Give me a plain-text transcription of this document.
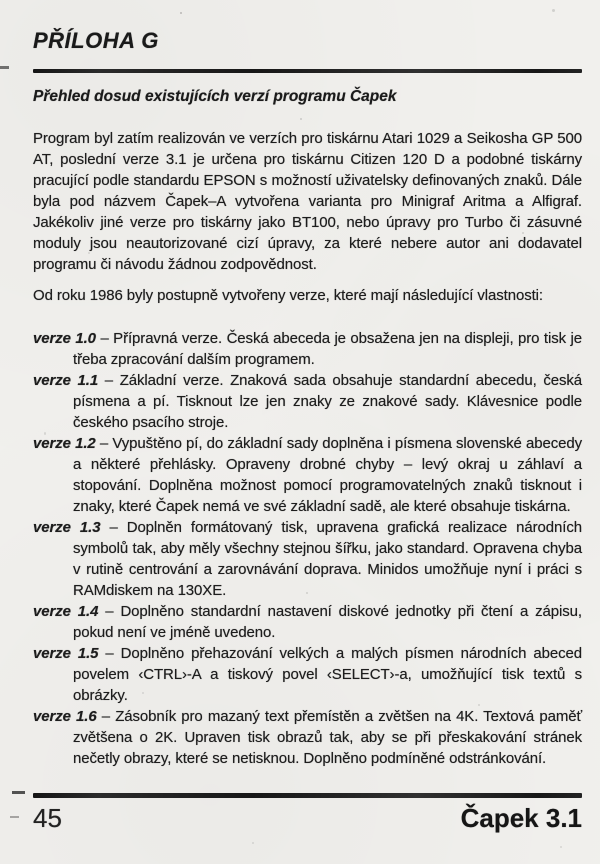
PŘÍLOHA G
Přehled dosud existujících verzí programu Čapek

Program byl zatím realizován ve verzích pro tiskárnu Atari 1029 a Seikosha GP 500 AT, poslední verze 3.1 je určena pro tiskárnu Citizen 120 D a podobné tiskárny pracující podle standardu EPSON s možností uživatelsky definovaných znaků. Dále byla pod názvem Čapek–A vytvořena varianta pro Minigraf Aritma a Alfigraf. Jakékoliv jiné verze pro tiskárny jako BT100, nebo úpravy pro Turbo či zásuvné moduly jsou neautorizované cizí úpravy, za které nebere autor ani dodavatel programu či návodu žádnou zodpovědnost.

Od roku 1986 byly postupně vytvořeny verze, které mají následující vlastnosti:

verze 1.0 – Přípravná verze. Česká abeceda je obsažena jen na displeji, pro tisk je třeba zpracování dalším programem.
verze 1.1 – Základní verze. Znaková sada obsahuje standardní abecedu, česká písmena a pí. Tisknout lze jen znaky ze znakové sady. Klávesnice podle českého psacího stroje.
verze 1.2 – Vypuštěno pí, do základní sady doplněna i písmena slovenské abecedy a některé přehlásky. Opraveny drobné chyby – levý okraj u záhlaví a stopování. Doplněna možnost pomocí programovatelných znaků tisknout i znaky, které Čapek nemá ve své základní sadě, ale které obsahuje tiskárna.
verze 1.3 – Doplněn formátovaný tisk, upravena grafická realizace národních symbolů tak, aby měly všechny stejnou šířku, jako standard. Opravena chyba v rutině centrování a zarovnávání doprava. Minidos umožňuje nyní i práci s RAMdiskem na 130XE.
verze 1.4 – Doplněno standardní nastavení diskové jednotky při čtení a zápisu, pokud není ve jméně uvedeno.
verze 1.5 – Doplněno přehazování velkých a malých písmen národních abeced povelem ‹CTRL›-A a tiskový povel ‹SELECT›-a, umožňující tisk textů s obrázky.
verze 1.6 – Zásobník pro mazaný text přemístěn a zvětšen na 4K. Textová paměť zvětšena o 2K. Upraven tisk obrazů tak, aby se při přeskakování stránek nečetly obrazy, které se netisknou. Doplněno podmíněné odstránkování.
45	Čapek 3.1
